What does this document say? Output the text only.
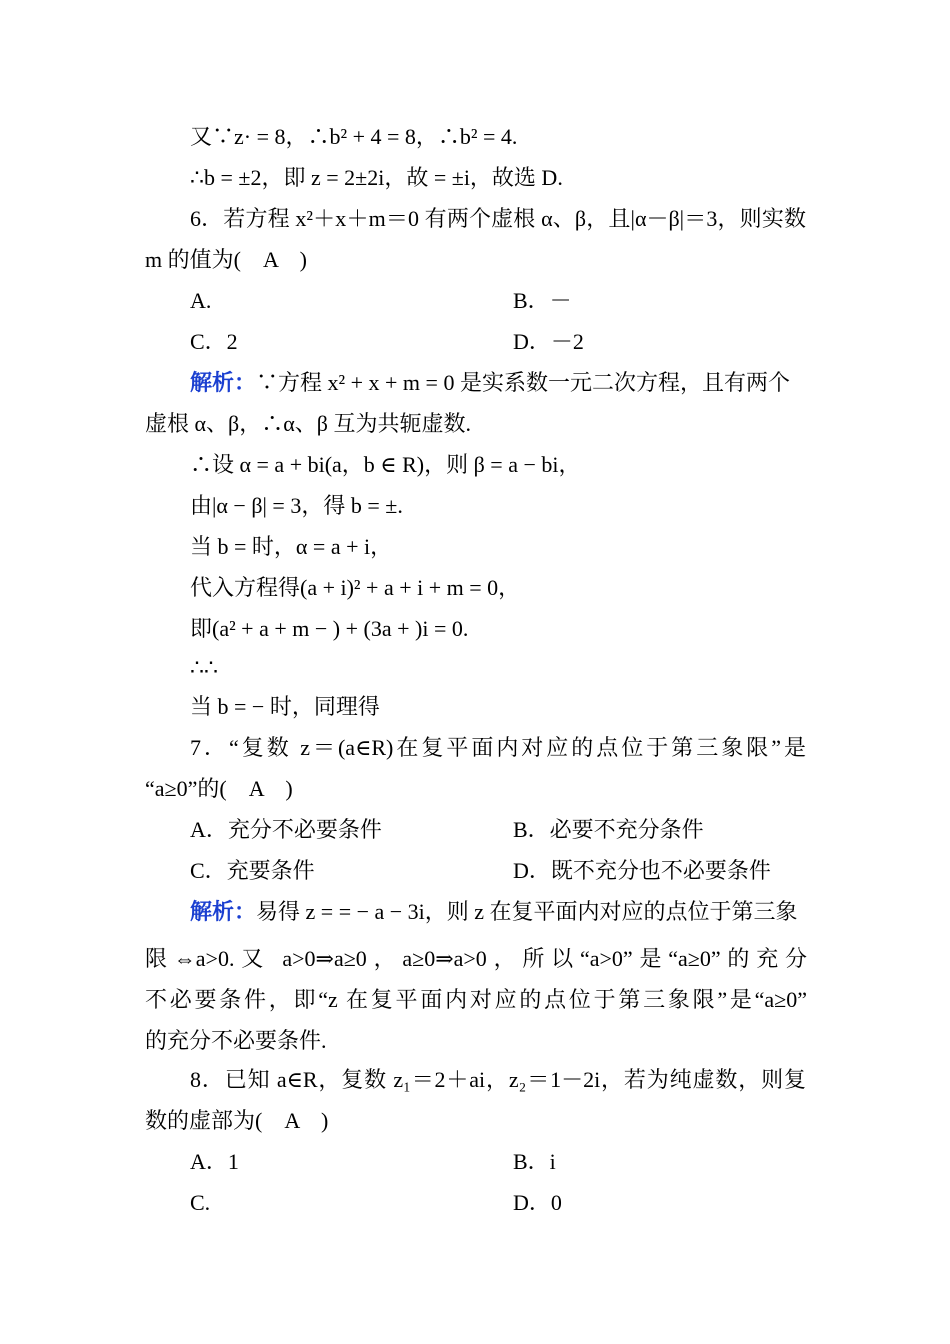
又∵z· = 8，∴b² + 4 = 8，∴b² = 4.
∴b = ±2，即 z = 2±2i，故 = ±i，故选 D.
6．若方程 x²＋x＋m＝0 有两个虚根 α、β，且|α－β|＝3，则实数
m 的值为(　A　)
A.	B．－
C．2	D．－2
解析：∵方程 x² + x + m = 0 是实系数一元二次方程，且有两个
虚根 α、β，∴α、β 互为共轭虚数.
∴设 α = a + bi(a，b ∈ R)，则 β = a − bi，
由|α − β| = 3，得 b = ±.
当 b = 时，α = a + i，
代入方程得(a + i)² + a + i + m = 0，
即(a² + a + m − ) + (3a + )i = 0.
∴∴
当 b = − 时，同理得
7．“复数 z＝(a∈R)在复平面内对应的点位于第三象限”是
“a≥0”的(　A　)
A．充分不必要条件	B．必要不充分条件
C．充要条件	D．既不充分也不必要条件
解析：易得 z = = − a − 3i，则 z 在复平面内对应的点位于第三象
限⇔a>0.又 a>0⇒a≥0，a≥0⇒a>0，所以“a>0”是“a≥0”的充分
不必要条件，即“z 在复平面内对应的点位于第三象限”是“a≥0”
的充分不必要条件.
8．已知 a∈R，复数 z₁＝2＋ai，z₂＝1－2i，若为纯虚数，则复
数的虚部为(　A　)
A．1	B．i
C.	D．0
